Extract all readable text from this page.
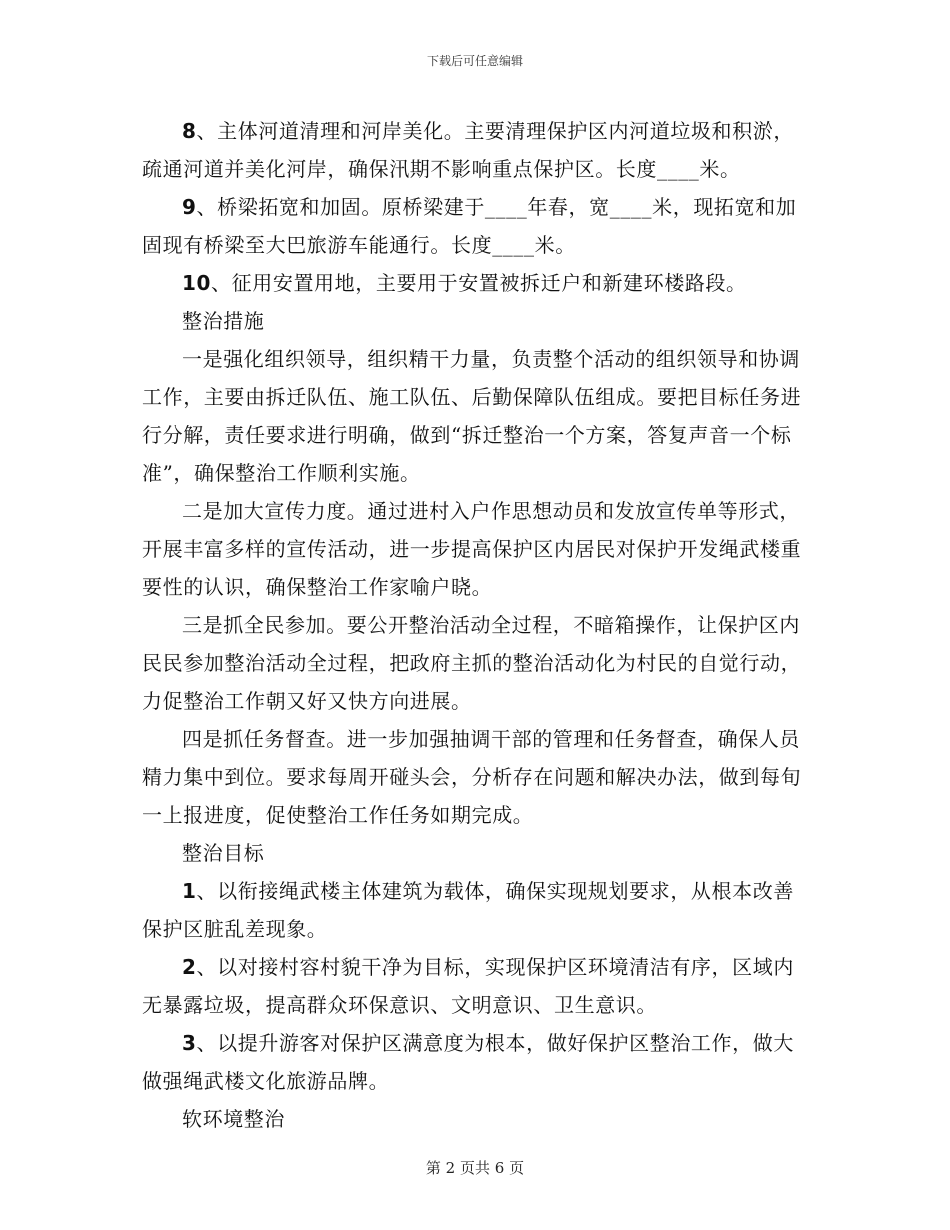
下载后可任意编辑

8、主体河道清理和河岸美化。主要清理保护区内河道垃圾和积淤，疏通河道并美化河岸，确保汛期不影响重点保护区。长度____米。

9、桥梁拓宽和加固。原桥梁建于____年春，宽____米，现拓宽和加固现有桥梁至大巴旅游车能通行。长度____米。

10、征用安置用地，主要用于安置被拆迁户和新建环楼路段。

整治措施

一是强化组织领导，组织精干力量，负责整个活动的组织领导和协调工作，主要由拆迁队伍、施工队伍、后勤保障队伍组成。要把目标任务进行分解，责任要求进行明确，做到“拆迁整治一个方案，答复声音一个标准”，确保整治工作顺利实施。

二是加大宣传力度。通过进村入户作思想动员和发放宣传单等形式，开展丰富多样的宣传活动，进一步提高保护区内居民对保护开发绳武楼重要性的认识，确保整治工作家喻户晓。

三是抓全民参加。要公开整治活动全过程，不暗箱操作，让保护区内民民参加整治活动全过程，把政府主抓的整治活动化为村民的自觉行动，力促整治工作朝又好又快方向进展。

四是抓任务督查。进一步加强抽调干部的管理和任务督查，确保人员精力集中到位。要求每周开碰头会，分析存在问题和解决办法，做到每旬一上报进度，促使整治工作任务如期完成。

整治目标

1、以衔接绳武楼主体建筑为载体，确保实现规划要求，从根本改善保护区脏乱差现象。

2、以对接村容村貌干净为目标，实现保护区环境清洁有序，区域内无暴露垃圾，提高群众环保意识、文明意识、卫生意识。

3、以提升游客对保护区满意度为根本，做好保护区整治工作，做大做强绳武楼文化旅游品牌。

软环境整治

第 2 页共 6 页
